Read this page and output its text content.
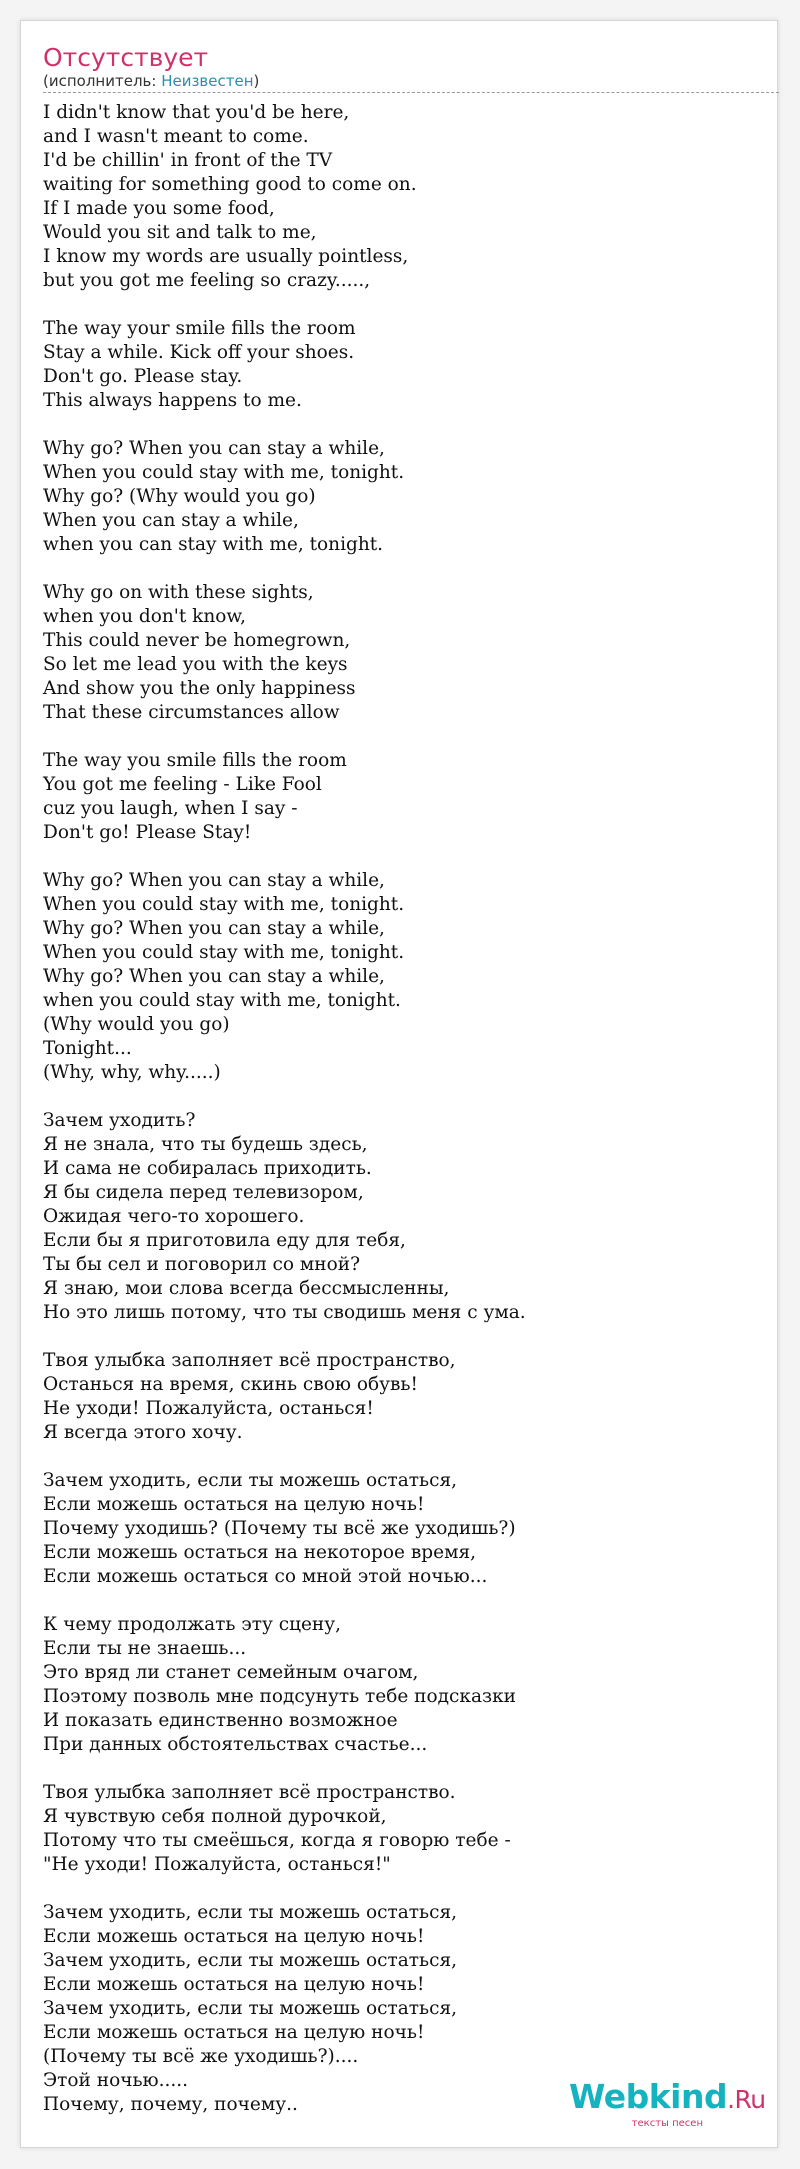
Отсутствует
(исполнитель: Неизвестен)
I didn't know that you'd be here,
and I wasn't meant to come.
I'd be chillin' in front of the TV
waiting for something good to come on.
If I made you some food,
Would you sit and talk to me,
I know my words are usually pointless,
but you got me feeling so crazy.....,
The way your smile fills the room
Stay a while. Kick off your shoes.
Don't go. Please stay.
This always happens to me.
Why go? When you can stay a while,
When you could stay with me, tonight.
Why go? (Why would you go)
When you can stay a while,
when you can stay with me, tonight.
Why go on with these sights,
when you don't know,
This could never be homegrown,
So let me lead you with the keys
And show you the only happiness
That these circumstances allow
The way you smile fills the room
You got me feeling - Like Fool
cuz you laugh, when I say -
Don't go! Please Stay!
Why go? When you can stay a while,
When you could stay with me, tonight.
Why go? When you can stay a while,
When you could stay with me, tonight.
Why go? When you can stay a while,
when you could stay with me, tonight.
(Why would you go)
Tonight...
(Why, why, why.....)
Зачем уходить?
Я не знала, что ты будешь здесь,
И сама не собиралась приходить.
Я бы сидела перед телевизором,
Ожидая чего-то хорошего.
Если бы я приготовила еду для тебя,
Ты бы сел и поговорил со мной?
Я знаю, мои слова всегда бессмысленны,
Но это лишь потому, что ты сводишь меня с ума.
Твоя улыбка заполняет всё пространство,
Останься на время, скинь свою обувь!
Не уходи! Пожалуйста, останься!
Я всегда этого хочу.
Зачем уходить, если ты можешь остаться,
Если можешь остаться на целую ночь!
Почему уходишь? (Почему ты всё же уходишь?)
Если можешь остаться на некоторое время,
Если можешь остаться со мной этой ночью...
К чему продолжать эту сцену,
Если ты не знаешь...
Это вряд ли станет семейным очагом,
Поэтому позволь мне подсунуть тебе подсказки
И показать единственно возможное
При данных обстоятельствах счастье...
Твоя улыбка заполняет всё пространство.
Я чувствую себя полной дурочкой,
Потому что ты смеёшься, когда я говорю тебе -
"Не уходи! Пожалуйста, останься!"
Зачем уходить, если ты можешь остаться,
Если можешь остаться на целую ночь!
Зачем уходить, если ты можешь остаться,
Если можешь остаться на целую ночь!
Зачем уходить, если ты можешь остаться,
Если можешь остаться на целую ночь!
(Почему ты всё же уходишь?)....
Этой ночью.....
Почему, почему, почему..	Webkind.Ru
тексты песен
